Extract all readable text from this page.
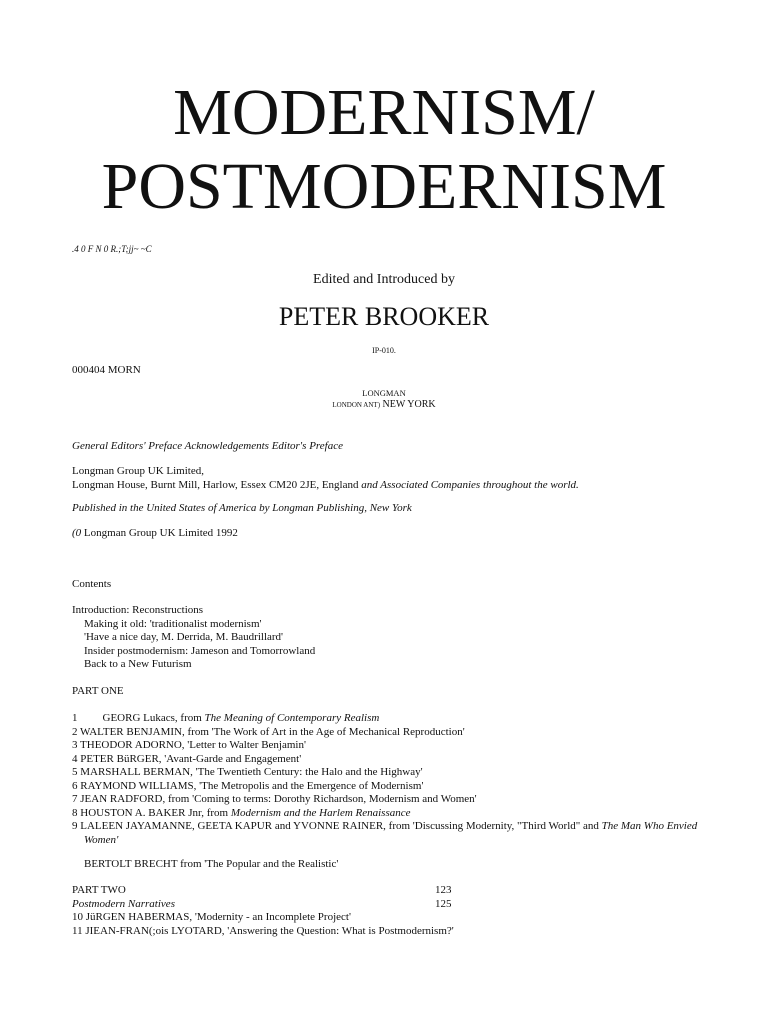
MODERNISM/
POSTMODERNISM
.4 0 F N 0 R.;T;jj~ ~C
Edited and Introduced by
PETER BROOKER
IP-010.
000404 MORN
LONGMAN
LONDON ANT) NEW YORK
General Editors' Preface Acknowledgements Editor's Preface
Longman Group UK Limited,
Longman House, Burnt Mill, Harlow, Essex CM20 2JE, England and Associated Companies throughout the world.
Published in the United States of America by Longman Publishing, New York
(0 Longman Group UK Limited 1992
Contents
Introduction: Reconstructions
Making it old: 'traditionalist modernism'
'Have a nice day, M. Derrida, M. Baudrillard'
Insider postmodernism: Jameson and Tomorrowland
Back to a New Futurism
PART ONE
1 GEORG Lukacs, from The Meaning of Contemporary Realism
2 WALTER BENJAMIN, from 'The Work of Art in the Age of Mechanical Reproduction'
3 THEODOR ADORNO, 'Letter to Walter Benjamin'
4 PETER BüRGER, 'Avant-Garde and Engagement'
5 MARSHALL BERMAN, 'The Twentieth Century: the Halo and the Highway'
6 RAYMOND WILLIAMS, 'The Metropolis and the Emergence of Modernism'
7 JEAN RADFORD, from 'Coming to terms: Dorothy Richardson, Modernism and Women'
8 HOUSTON A. BAKER Jnr, from Modernism and the Harlem Renaissance
9 LALEEN JAYAMANNE, GEETA KAPUR and YVONNE RAINER, from 'Discussing Modernity, "Third World" and The Man Who Envied Women'
BERTOLT BRECHT from 'The Popular and the Realistic'
PART TWO	123
Postmodern Narratives	125
10 JüRGEN HABERMAS, 'Modernity - an Incomplete Project'
11 JIEAN-FRAN(;ois LYOTARD, 'Answering the Question: What is Postmodernism?'
